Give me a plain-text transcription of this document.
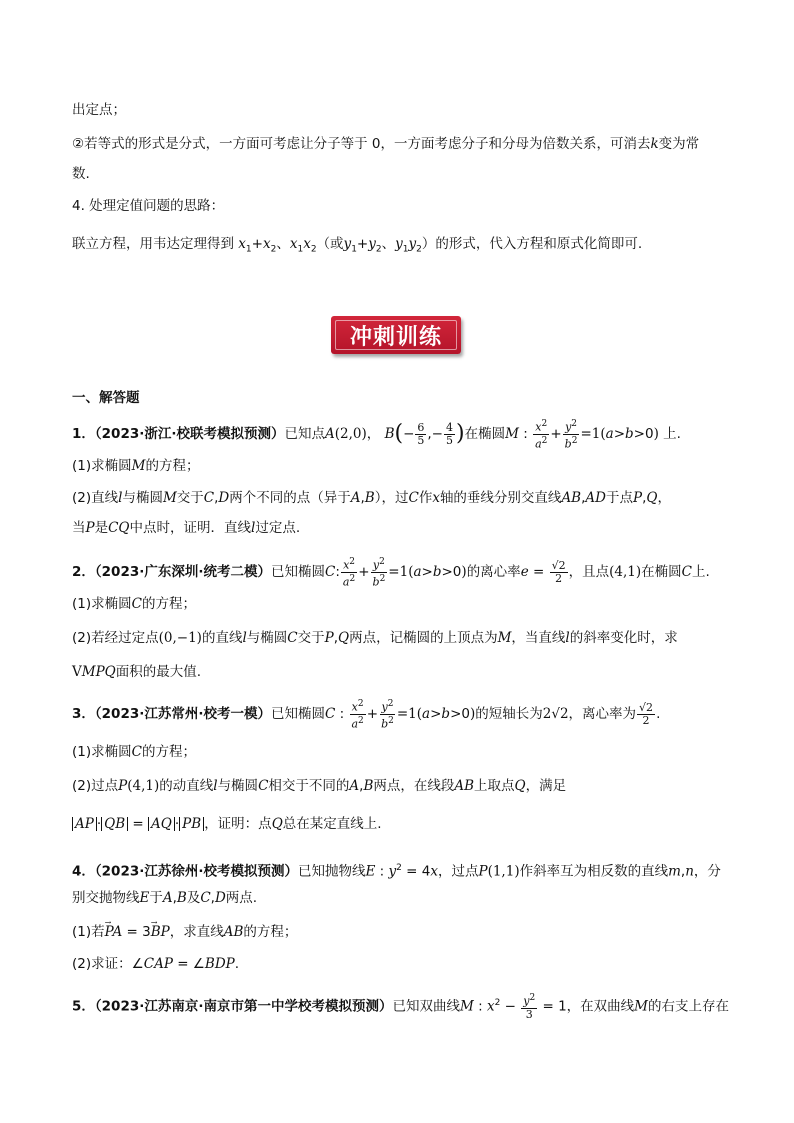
出定点；
②若等式的形式是分式，一方面可考虑让分子等于 0，一方面考虑分子和分母为倍数关系，可消去k变为常
数.
4. 处理定值问题的思路：
联立方程，用韦达定理得到 $x_1+x_2$、$x_1x_2$（或$y_1+y_2$、$y_1y_2$）的形式，代入方程和原式化简即可.
冲刺训练
一、解答题
1．（2023·浙江·校联考模拟预测）已知点A(2,0)， $B(- \frac{6}{5}$ ,− $\frac{4}{5}$ )在椭圆M : $\frac{x^2}{a^2} + \frac{y^2}{b^2} =1(a>b>0)$ 上.
(1)求椭圆M的方程；
(2)直线l与椭圆M交于C,D两个不同的点（异于A,B），过C作x轴的垂线分别交直线AB,AD于点P,Q，
当P是CQ中点时，证明．直线l过定点.
2．（2023·广东深圳·统考二模）已知椭圆C: $\frac{x^2}{a^2} + \frac{y^2}{b^2} =1(a>b>0)$的离心率$e = \frac{√2}{2}$ ，且点(4,1)在椭圆C上.
(1)求椭圆C的方程；
(2)若经过定点(0,−1)的直线l与椭圆C交于P,Q两点，记椭圆的上顶点为M，当直线l的斜率变化时，求
VMPQ面积的最大值.
3．（2023·江苏常州·校考一模）已知椭圆C : $\frac{x^2}{a^2} + \frac{y^2}{b^2} =1(a>b>0)$的短轴长为2√2，离心率为 $\frac{√2}{2}$ .
(1)求椭圆C的方程；
(2)过点P(4,1)的动直线l与椭圆C相交于不同的A,B两点，在线段AB上取点Q，满足
AP · QB = AQ · PB ，证明：点Q总在某定直线上.
4．（2023·江苏徐州·校考模拟预测）已知抛物线E : $y^2 = 4x$，过点P(1,1)作斜率互为相反数的直线m,n，分
别交抛物线E于A,B及C,D两点.
(1)若→ PA = 3→ BP，求直线AB的方程；
(2)求证：∠CAP = ∠BDP.
5．（2023·江苏南京·南京市第一中学校考模拟预测）已知双曲线M : $x^2 - \frac{y^2}{3} = 1$，在双曲线M的右支上存在
